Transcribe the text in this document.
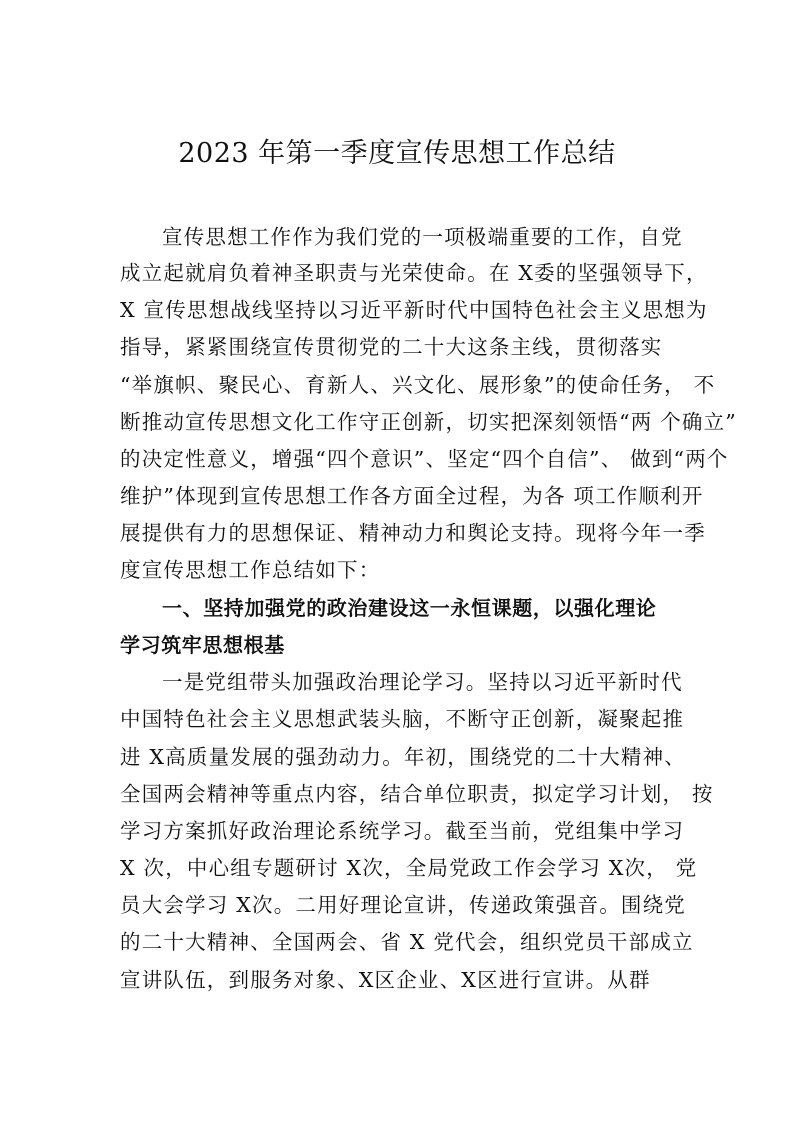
2023 年第一季度宣传思想工作总结
宣传思想工作作为我们党的一项极端重要的工作，自党
成立起就肩负着神圣职责与光荣使命。在 X委的坚强领导下，
X 宣传思想战线坚持以习近平新时代中国特色社会主义思想为
指导，紧紧围绕宣传贯彻党的二十大这条主线，贯彻落实
“举旗帜、聚民心、育新人、兴文化、展形象”的使命任务， 不
断推动宣传思想文化工作守正创新，切实把深刻领悟“两 个确立”
的决定性意义，增强“四个意识”、坚定“四个自信”、 做到“两个
维护”体现到宣传思想工作各方面全过程，为各 项工作顺利开
展提供有力的思想保证、精神动力和舆论支持。现将今年一季
度宣传思想工作总结如下：
一、坚持加强党的政治建设这一永恒课题，以强化理论
学习筑牢思想根基
一是党组带头加强政治理论学习。坚持以习近平新时代
中国特色社会主义思想武装头脑，不断守正创新，凝聚起推
进 X高质量发展的强劲动力。年初，围绕党的二十大精神、
全国两会精神等重点内容，结合单位职责，拟定学习计划， 按
学习方案抓好政治理论系统学习。截至当前，党组集中学习
X 次，中心组专题研讨 X次，全局党政工作会学习 X次， 党
员大会学习 X次。二用好理论宣讲，传递政策强音。围绕党
的二十大精神、全国两会、省 X 党代会，组织党员干部成立
宣讲队伍，到服务对象、X区企业、X区进行宣讲。从群
